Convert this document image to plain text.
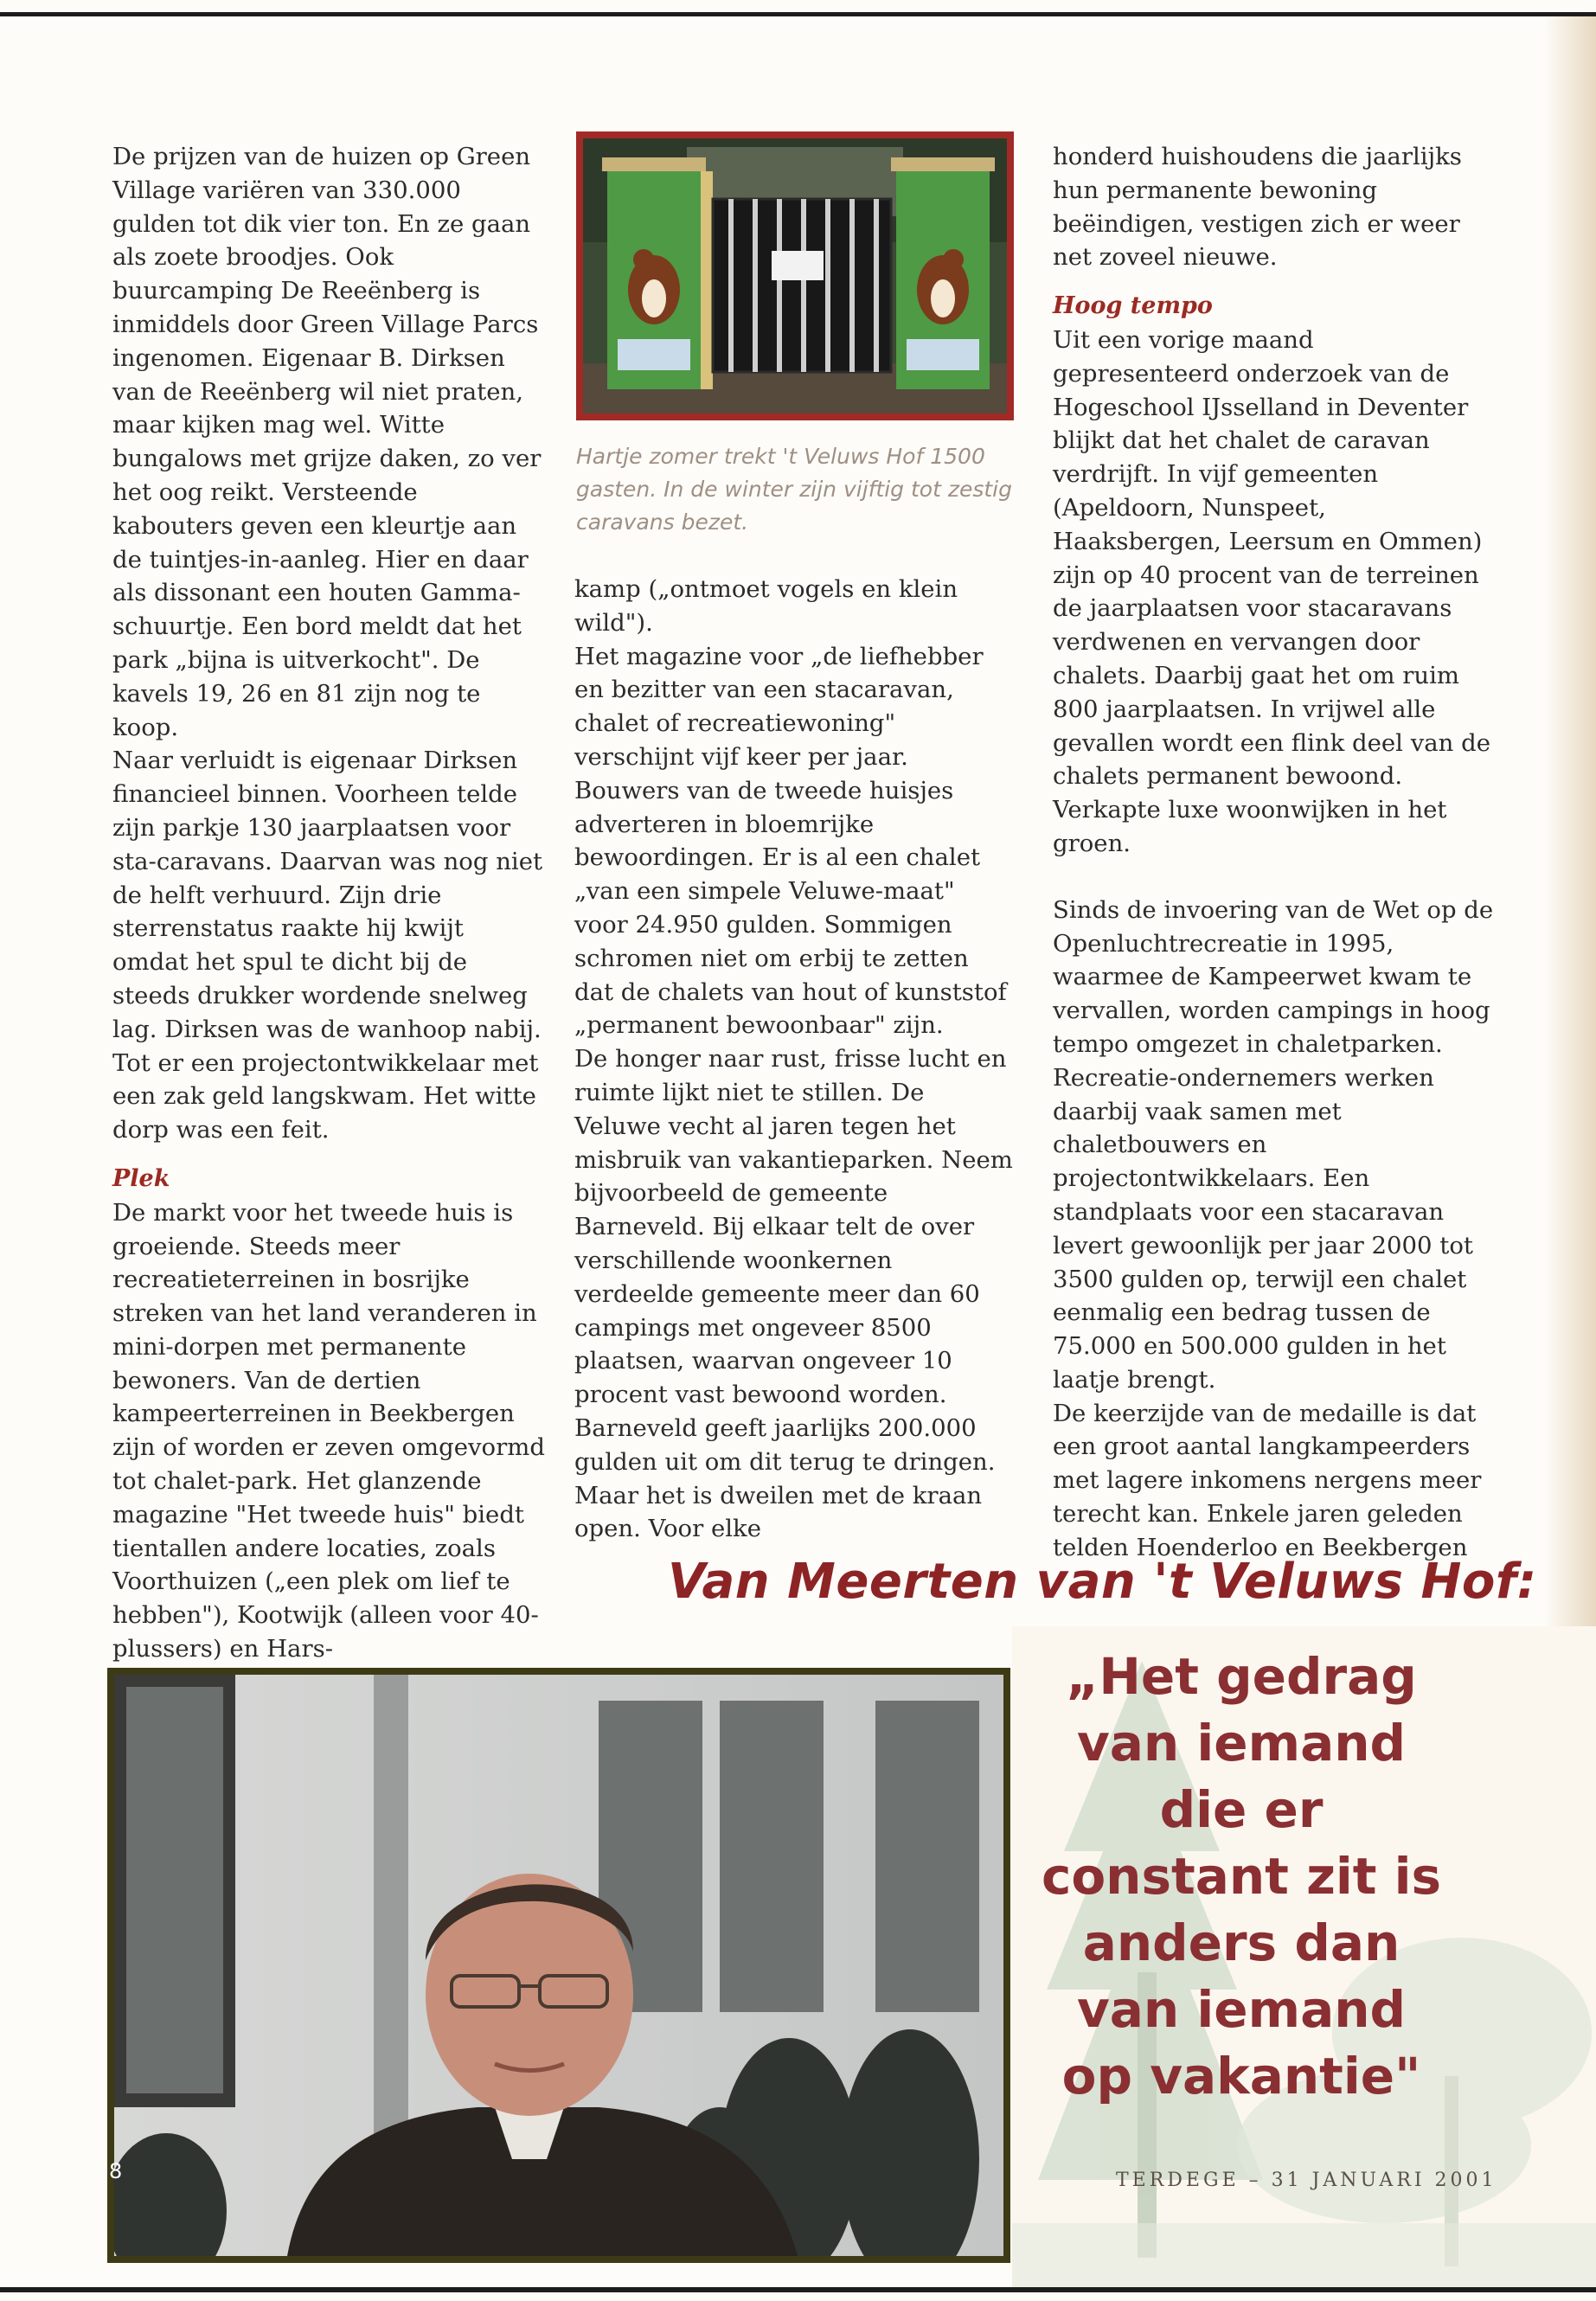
De prijzen van de huizen op Green Village variëren van 330.000 gulden tot dik vier ton. En ze gaan als zoete broodjes. Ook buurcamping De Reeënberg is inmiddels door Green Village Parcs ingenomen. Eigenaar B. Dirksen van de Reeënberg wil niet praten, maar kijken mag wel. Witte bungalows met grijze daken, zo ver het oog reikt. Versteende kabouters geven een kleurtje aan de tuintjes-in-aanleg. Hier en daar als dissonant een houten Gamma-schuurtje. Een bord meldt dat het park „bijna is uitverkocht". De kavels 19, 26 en 81 zijn nog te koop.

Naar verluidt is eigenaar Dirksen financieel binnen. Voorheen telde zijn parkje 130 jaarplaatsen voor sta-caravans. Daarvan was nog niet de helft verhuurd. Zijn drie sterrenstatus raakte hij kwijt omdat het spul te dicht bij de steeds drukker wordende snelweg lag. Dirksen was de wanhoop nabij. Tot er een projectontwikkelaar met een zak geld langskwam. Het witte dorp was een feit.

Plek

De markt voor het tweede huis is groeiende. Steeds meer recreatieterreinen in bosrijke streken van het land veranderen in mini-dorpen met permanente bewoners. Van de dertien kampeerterreinen in Beekbergen zijn of worden er zeven omgevormd tot chalet-park. Het glanzende magazine "Het tweede huis" biedt tientallen andere locaties, zoals Voorthuizen („een plek om lief te hebben"), Kootwijk (alleen voor 40-plussers) en Hars-

Hartje zomer trekt 't Veluws Hof 1500 gasten. In de winter zijn vijftig tot zestig caravans bezet.

kamp („ontmoet vogels en klein wild").

Het magazine voor „de liefhebber en bezitter van een stacaravan, chalet of recreatiewoning" verschijnt vijf keer per jaar. Bouwers van de tweede huisjes adverteren in bloemrijke bewoordingen. Er is al een chalet „van een simpele Veluwe-maat" voor 24.950 gulden. Sommigen schromen niet om erbij te zetten dat de chalets van hout of kunststof „permanent bewoonbaar" zijn.

De honger naar rust, frisse lucht en ruimte lijkt niet te stillen. De Veluwe vecht al jaren tegen het misbruik van vakantieparken. Neem bijvoorbeeld de gemeente Barneveld. Bij elkaar telt de over verschillende woonkernen verdeelde gemeente meer dan 60 campings met ongeveer 8500 plaatsen, waarvan ongeveer 10 procent vast bewoond worden. Barneveld geeft jaarlijks 200.000 gulden uit om dit terug te dringen. Maar het is dweilen met de kraan open. Voor elke

honderd huishoudens die jaarlijks hun permanente bewoning beëindigen, vestigen zich er weer net zoveel nieuwe.

Hoog tempo

Uit een vorige maand gepresenteerd onderzoek van de Hogeschool IJsselland in Deventer blijkt dat het chalet de caravan verdrijft. In vijf gemeenten (Apeldoorn, Nunspeet, Haaksbergen, Leersum en Ommen) zijn op 40 procent van de terreinen de jaarplaatsen voor stacaravans verdwenen en vervangen door chalets. Daarbij gaat het om ruim 800 jaarplaatsen. In vrijwel alle gevallen wordt een flink deel van de chalets permanent bewoond. Verkapte luxe woonwijken in het groen.

Sinds de invoering van de Wet op de Openluchtrecreatie in 1995, waarmee de Kampeerwet kwam te vervallen, worden campings in hoog tempo omgezet in chaletparken. Recreatie-ondernemers werken daarbij vaak samen met chaletbouwers en projectontwikkelaars. Een standplaats voor een stacaravan levert gewoonlijk per jaar 2000 tot 3500 gulden op, terwijl een chalet eenmalig een bedrag tussen de 75.000 en 500.000 gulden in het laatje brengt.

De keerzijde van de medaille is dat een groot aantal langkampeerders met lagere inkomens nergens meer terecht kan. Enkele jaren geleden telden Hoenderloo en Beekbergen

Van Meerten van 't Veluws Hof:
„Het gedrag van iemand die er constant zit is anders dan van iemand op vakantie"
8	TERDEGE – 31 JANUARI 2001
